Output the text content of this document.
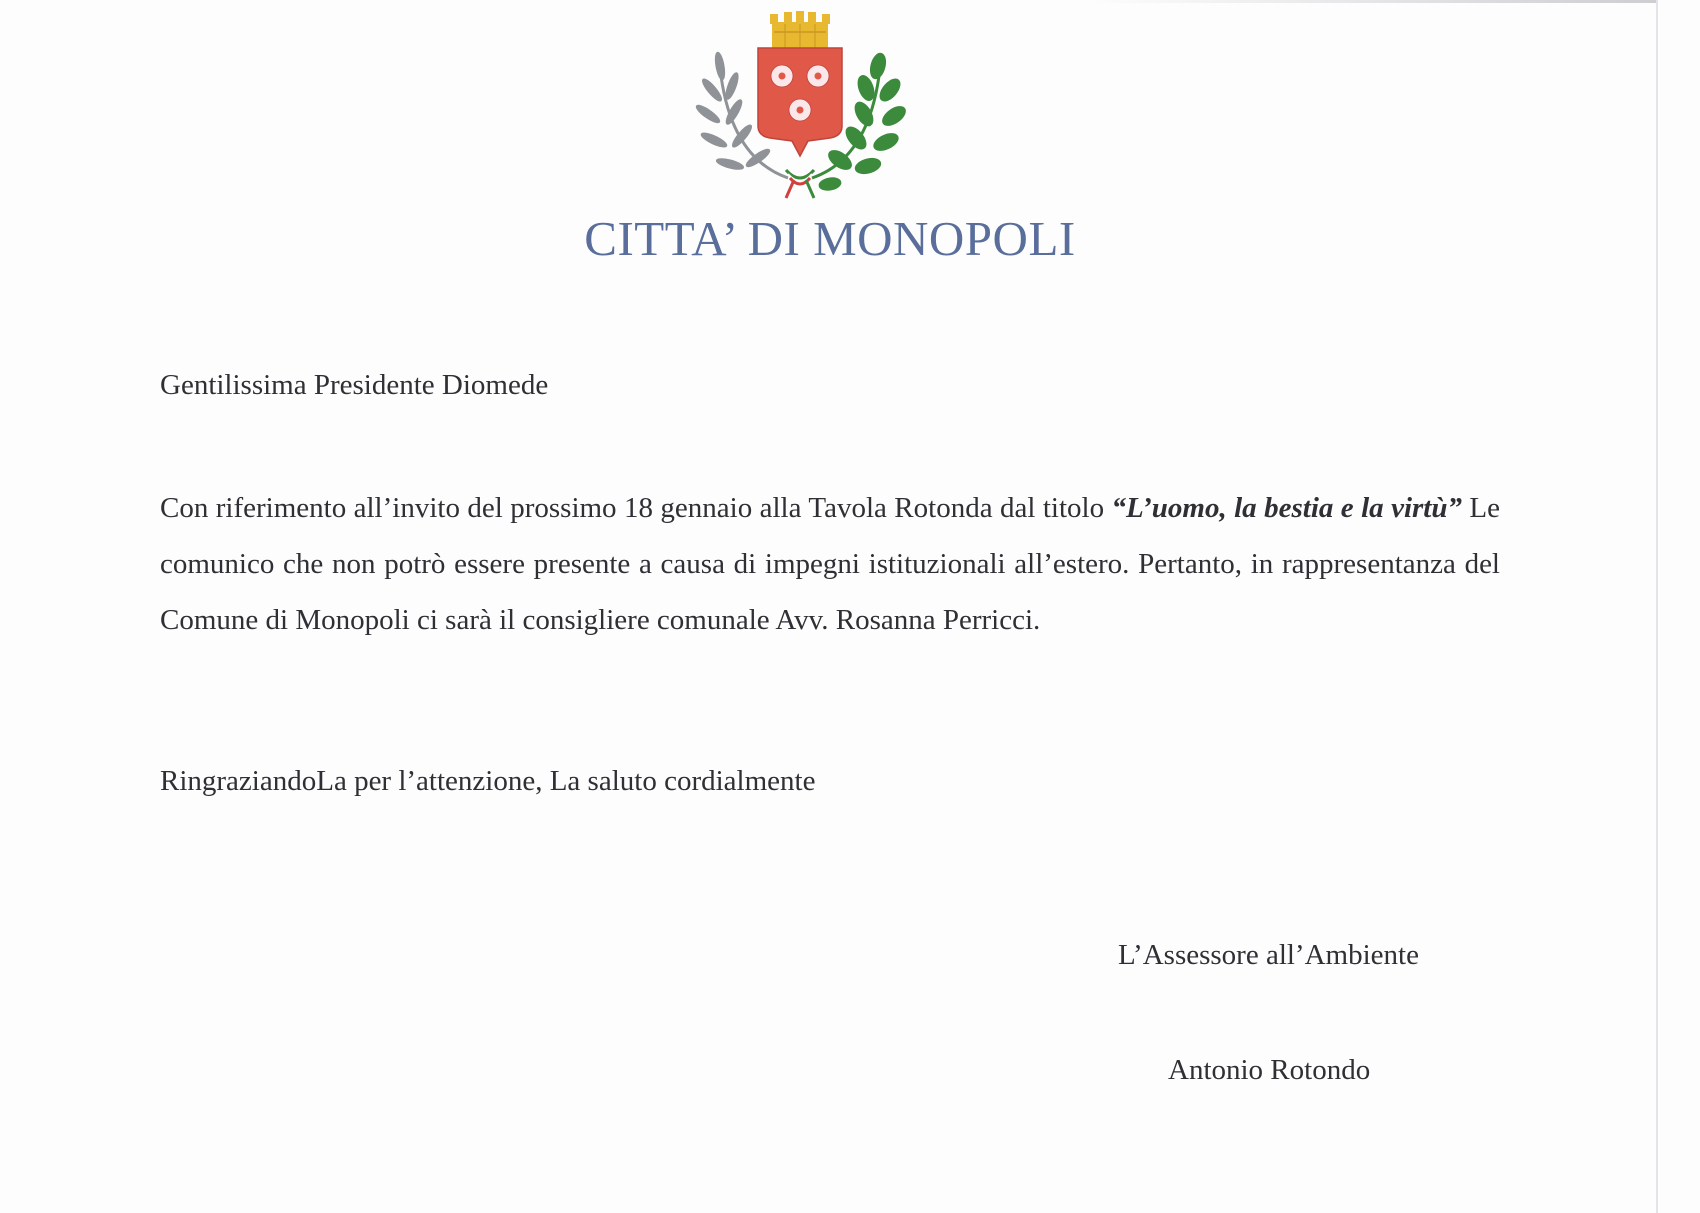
CITTA’ DI MONOPOLI
Gentilissima Presidente Diomede
Con riferimento all’invito del prossimo 18 gennaio alla Tavola Rotonda dal titolo “L’uomo, la bestia e la virtù” Le comunico che non potrò essere presente a causa di impegni istituzionali all’estero. Pertanto, in rappresentanza del Comune di Monopoli ci sarà il consigliere comunale Avv. Rosanna Perricci.
RingraziandoLa per l’attenzione, La saluto cordialmente
L’Assessore all’Ambiente
Antonio Rotondo
